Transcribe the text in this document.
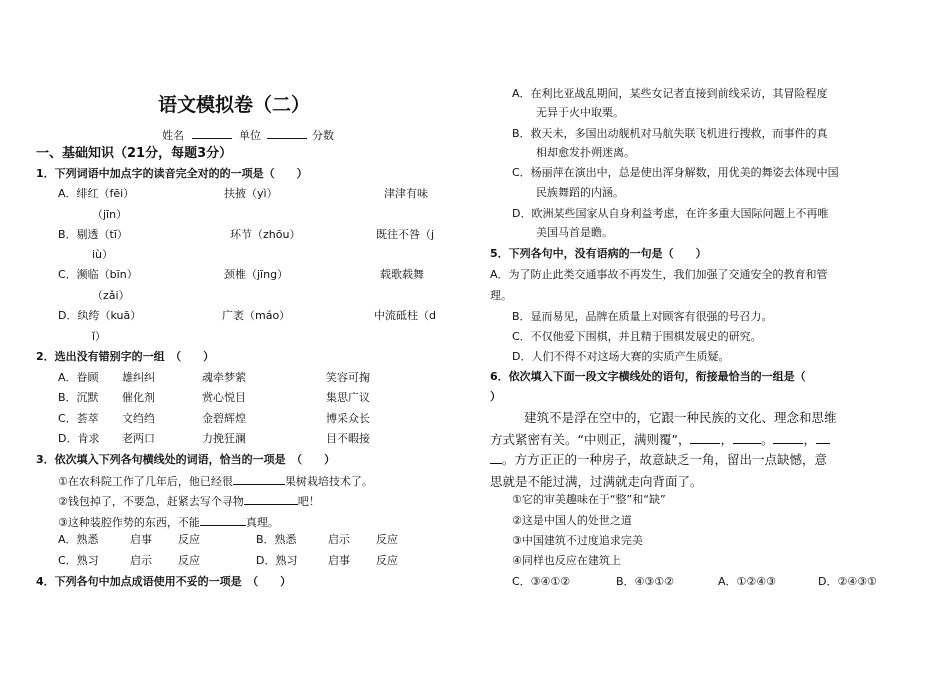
语文模拟卷（二）
姓名	单位	分数
一、基础知识（21分，每题3分）
1．下列词语中加点字的读音完全对的的一项是（　　）
A．绯红（fēi）	扶掖（yì）	津津有味
（jīn）
B．剔透（tī）	环节（zhōu）	既往不咎（j
iù）
C．濒临（bīn）	颈椎（jīng）	载歌载舞
（zǎi）
D．纨绔（kuā）	广袤（máo）	中流砥柱（d
ǐ）
2．选出没有错别字的一组　（　　）
A．眷顾 雄纠纠	魂牵梦萦	笑容可掬
B．沉默 催化剂	赏心悦目	集思广议
C．荟萃 文绉绉	金碧辉煌	博采众长
D．肯求 老两口	力挽狂澜	目不暇接
3．依次填入下列各句横线处的词语，恰当的一项是　（　　）
①在农科院工作了几年后，他已经很	果树栽培技术了。
②钱包掉了，不要急，赶紧去写个寻物	吧！
③这种装腔作势的东西，不能	真理。
A．熟悉	启事 反应	B．熟悉	启示 反应
C．熟习	启示 反应	D．熟习	启事 反应
4．下列各句中加点成语使用不妥的一项是　（　　）
A．在利比亚战乱期间，某些女记者直接到前线采访，其冒险程度
无异于火中取栗。
B．救天未，多国出动舰机对马航失联飞机进行搜救，而事件的真
相却愈发扑朔迷离。
C．杨丽萍在演出中，总是使出浑身解数，用优美的舞姿去体现中国
民族舞蹈的内涵。
D．欧洲某些国家从自身利益考虑，在许多重大国际问题上不再唯
美国马首是瞻。
5．下列各句中，没有语病的一句是（　　）
A．为了防止此类交通事故不再发生，我们加强了交通安全的教育和管
理。
B．显而易见，品牌在质量上对顾客有很强的号召力。
C．不仅他爱下围棋，并且精于围棋发展史的研究。
D．人们不得不对这场大赛的实质产生质疑。
6．依次填入下面一段文字横线处的语句，衔接最恰当的一组是（
）
建筑不是浮在空中的，它跟一种民族的文化、理念和思维
方式紧密有关。“中则正，满则覆”， ， 。 ，
。方方正正的一种房子，故意缺乏一角，留出一点缺憾，意
思就是不能过满，过满就走向背面了。
①它的审美趣味在于“整”和“缺”
②这是中国人的处世之道
③中国建筑不过度追求完美
④同样也反应在建筑上
C．③④①②	B．④③①②	A．①②④③	D．②④③①
